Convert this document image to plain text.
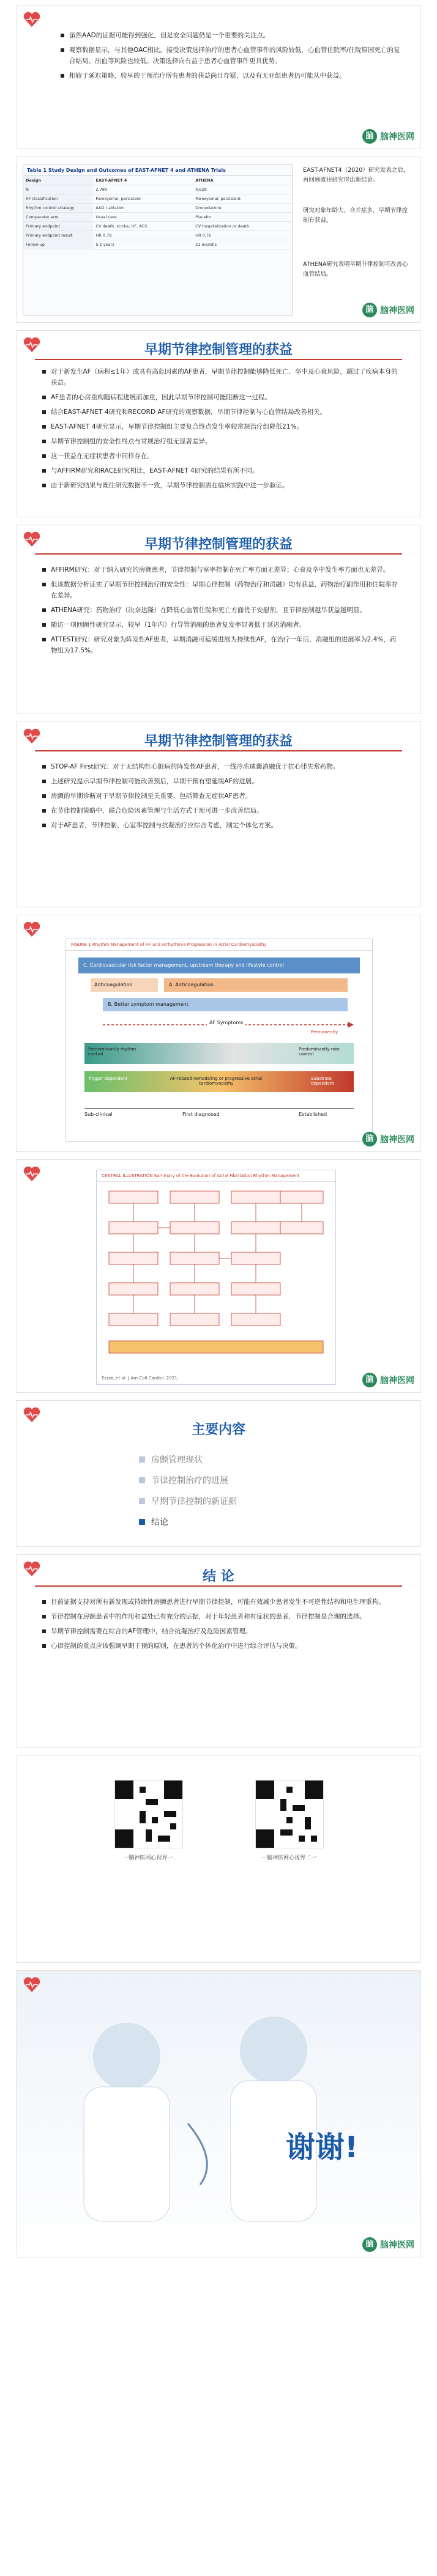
虽然AAD的证据可能得到强化，但是安全问题仍是一个重要的关注点。
观察数据显示，与其他OAC相比，接受决策选择治疗的患者心血管事件的风险较低，心血管住院率/住院原因死亡的复合结局、出血等风险也较低。决策选择向有益于患者心血管事件更具优势。
相较于延迟策略，较早的干预治疗所有患者的获益尚且存疑，以及有无亚组患者仍可能从中获益。
脑 脑神医网
Table 1 Study Design and Outcomes of EAST-AFNET 4 and ATHENA Trials
Design	EAST-AFNET 4	ATHENA
N	2,789	4,628
AF classification	Paroxysmal, persistent	Paroxysmal, persistent
Rhythm control strategy	AAD / ablation	Dronedarone
Comparator arm	Usual care	Placebo
Primary endpoint	CV death, stroke, HF, ACS	CV hospitalization or death
Primary endpoint result	HR 0.79	HR 0.76
Follow-up	5.1 years	21 months
EAST-AFNET4（2020）研究发表之后，再回顾既往研究得出新结论。
研究对象年龄大、合并症多，早期节律控制有获益。
ATHENA研究表明早期节律控制可改善心血管结局。
脑 脑神医网
早期节律控制管理的获益
对于新发生AF（病程≤1年）或具有高危因素的AF患者，早期节律控制能够降低死亡、卒中及心衰风险，超过了疾病本身的获益。
AF患者的心房重构随病程进展而加重，因此早期节律控制可能阻断这一过程。
结合EAST-AFNET 4研究和RECORD AF研究的观察数据，早期节律控制与心血管结局改善相关。
EAST-AFNET 4研究显示，早期节律控制组主要复合终点发生率较常规治疗组降低21%。
早期节律控制组的安全性终点与常规治疗组无显著差异。
这一获益在无症状患者中同样存在。
与AFFIRM研究和RACE研究相比，EAST-AFNET 4研究的结果有所不同。
由于新研究结果与既往研究数据不一致，早期节律控制需在临床实践中进一步验证。
早期节律控制管理的获益
AFFIRM研究：对于纳入研究的房颤患者，节律控制与室率控制在死亡率方面无差异；心衰及卒中发生率方面也无差异。
但该数据分析证实了早期节律控制治疗的安全性：早期心律控制（药物治疗和消融）均有获益，药物治疗副作用和住院率存在差异。
ATHENA研究：药物治疗（决奈达隆）在降低心血管住院和死亡方面优于安慰剂，且节律控制越早获益越明显。
随访一项回顾性研究显示，较早（1年内）行导管消融的患者复发率显著低于延迟消融者。
ATTEST研究：研究对象为阵发性AF患者，早期消融可延缓进展为持续性AF，在治疗一年后，消融组的进展率为2.4%，药物组为17.5%。
早期节律控制管理的获益
STOP-AF First研究：对于无结构性心脏病的阵发性AF患者，一线冷冻球囊消融优于抗心律失常药物。
上述研究提示早期节律控制可能改善预后，早期干预有望延缓AF的进展。
房颤的早期诊断对于早期节律控制至关重要，包括筛查无症状AF患者。
在节律控制策略中，联合危险因素管理与生活方式干预可进一步改善结局。
对于AF患者，节律控制、心室率控制与抗凝治疗应综合考虑，制定个体化方案。
FIGURE 1 Rhythm Management of AF and Arrhythmia Progression in Atrial Cardiomyopathy
C. Cardiovascular risk factor management, upstream therapy and lifestyle control
Anticoagulation	A. Anticoagulation
B. Better symptom management
AF Symptoms
Permanently
Predominantly rhythm control
Predominantly rate control
Trigger dependent	AF-related remodeling or progressive atrial cardiomyopathy
Substrate dependent
Sub-clinical	First diagnosed	Established
脑 脑神医网
CENTRAL ILLUSTRATION Summary of the Evolution of Atrial Fibrillation Rhythm Management
Ezzat, et al. J Am Coll Cardiol. 2021.	脑 脑神医网
主要内容
房颤管理现状
节律控制治疗的进展
早期节律控制的新证据
结论
结 论
目前证据支持对所有新发现或持续性房颤患者进行早期节律控制，可能有效减少患者发生不可逆性结构和电生理重构。
节律控制在房颤患者中的作用和益处已有充分的证据，对于年轻患者和有症状的患者，节律控制是合理的选择。
早期节律控制需要在综合的AF管理中，结合抗凝治疗及危险因素管理。
心律控制的重点应该强调早期干预的原则，在患者的个体化治疗中进行综合评估与决策。
一脑神医网心视界一	一脑神医网心视界二一
谢谢!
脑 脑神医网
